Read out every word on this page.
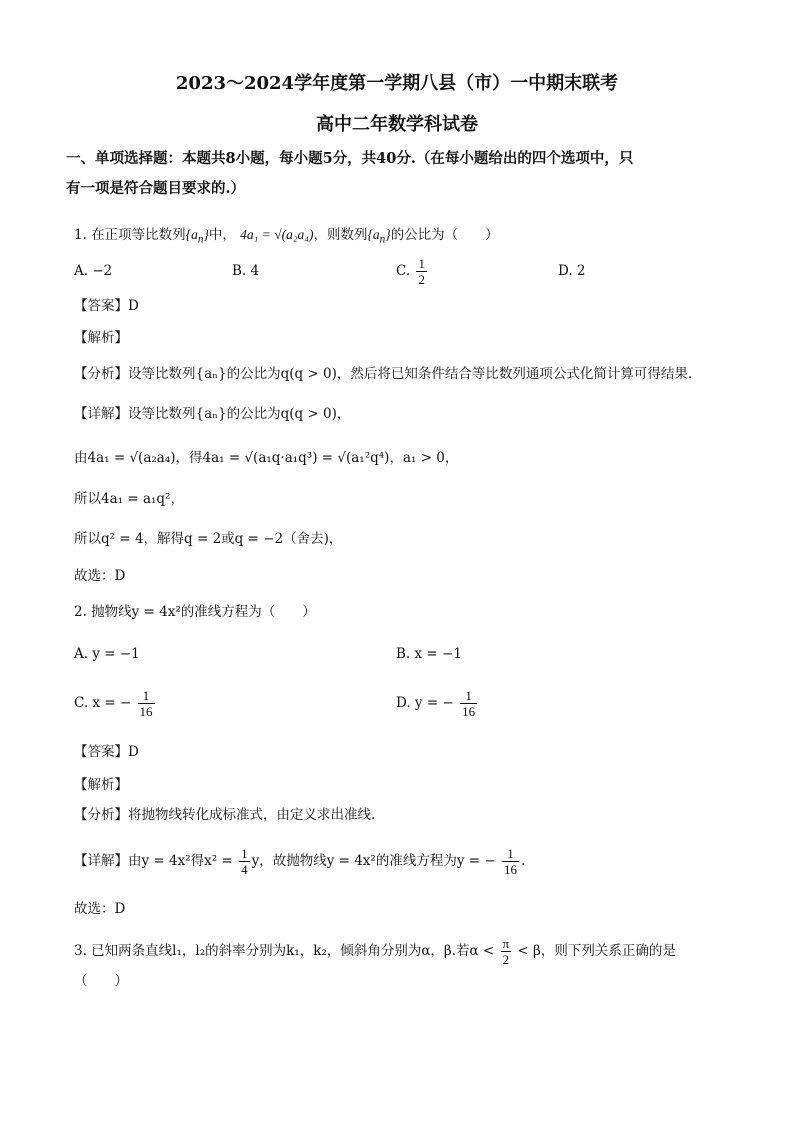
2023～2024学年度第一学期八县（市）一中期末联考
高中二年数学科试卷
一、单项选择题：本题共8小题，每小题5分，共40分.（在每小题给出的四个选项中，只
有一项是符合题目要求的.）
1. 在正项等比数列$\{a_n\}$中， 4a₁ = √(a₂a₄)，则数列$\{a_n\}$的公比为（　　）
A. −2	B. 4	C. $\frac{1}{2}$	D. 2
【答案】D
【解析】
【分析】设等比数列{aₙ}的公比为q(q > 0)，然后将已知条件结合等比数列通项公式化简计算可得结果.
【详解】设等比数列{aₙ}的公比为q(q > 0)，
由4a₁ = √(a₂a₄)，得4a₁ = √(a₁q·a₁q³) = √(a₁²q⁴)，a₁ > 0，
所以4a₁ = a₁q²，
所以q² = 4，解得q = 2或q = −2（舍去)，
故选：D
2. 抛物线y = 4x²的准线方程为（　　）
A. y = −1	B. x = −1
C. x = − $\frac{1}{16}$	D. y = − $\frac{1}{16}$
【答案】D
【解析】
【分析】将抛物线转化成标准式，由定义求出准线.
【详解】由y = 4x²得$x^2 = \frac{1}{4}$ y，故抛物线y = 4x²的准线方程为y = − $\frac{1}{16}$ .
故选：D
3. 已知两条直线l₁，l₂的斜率分别为k₁，k₂，倾斜角分别为α，β.若$\alpha < \frac{\pi}{2} < \beta$，则下列关系正确的是
（　　）
